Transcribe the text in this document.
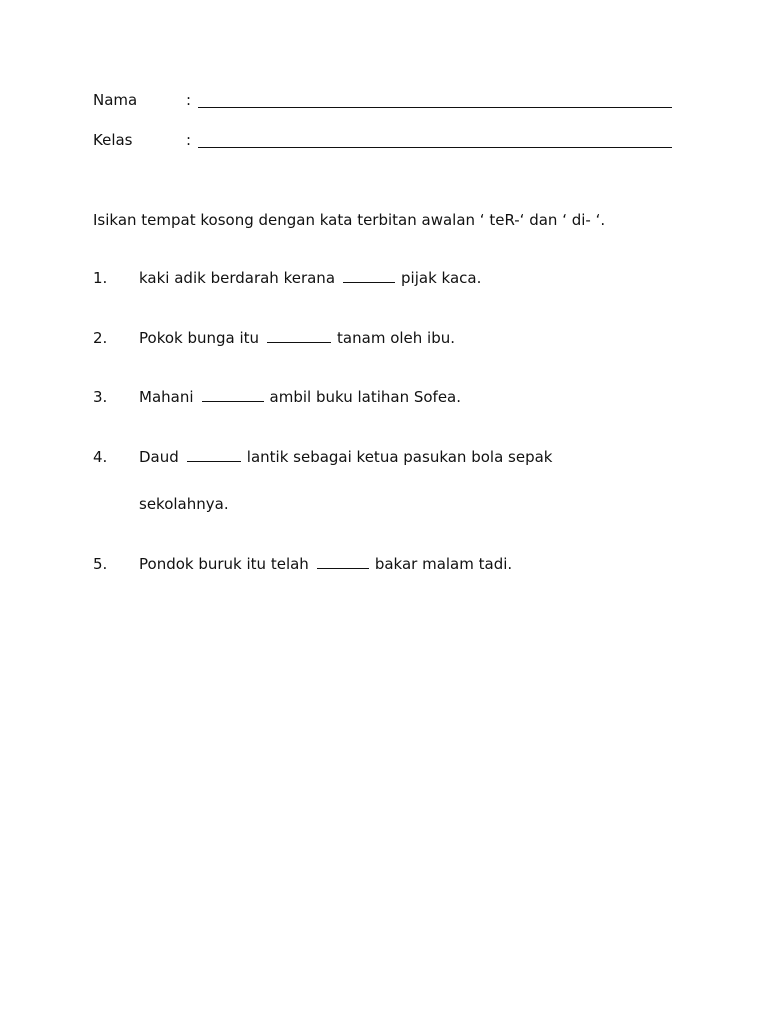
Nama	:
Kelas	:
Isikan tempat kosong dengan kata terbitan awalan ‘ teR-‘ dan ‘ di- ‘.
1. kaki adik berdarah kerana	pijak kaca.
2. Pokok bunga itu	tanam oleh ibu.
3. Mahani	ambil buku latihan Sofea.
4. Daud	lantik sebagai ketua pasukan bola sepak
sekolahnya.
5. Pondok buruk itu telah	bakar malam tadi.
